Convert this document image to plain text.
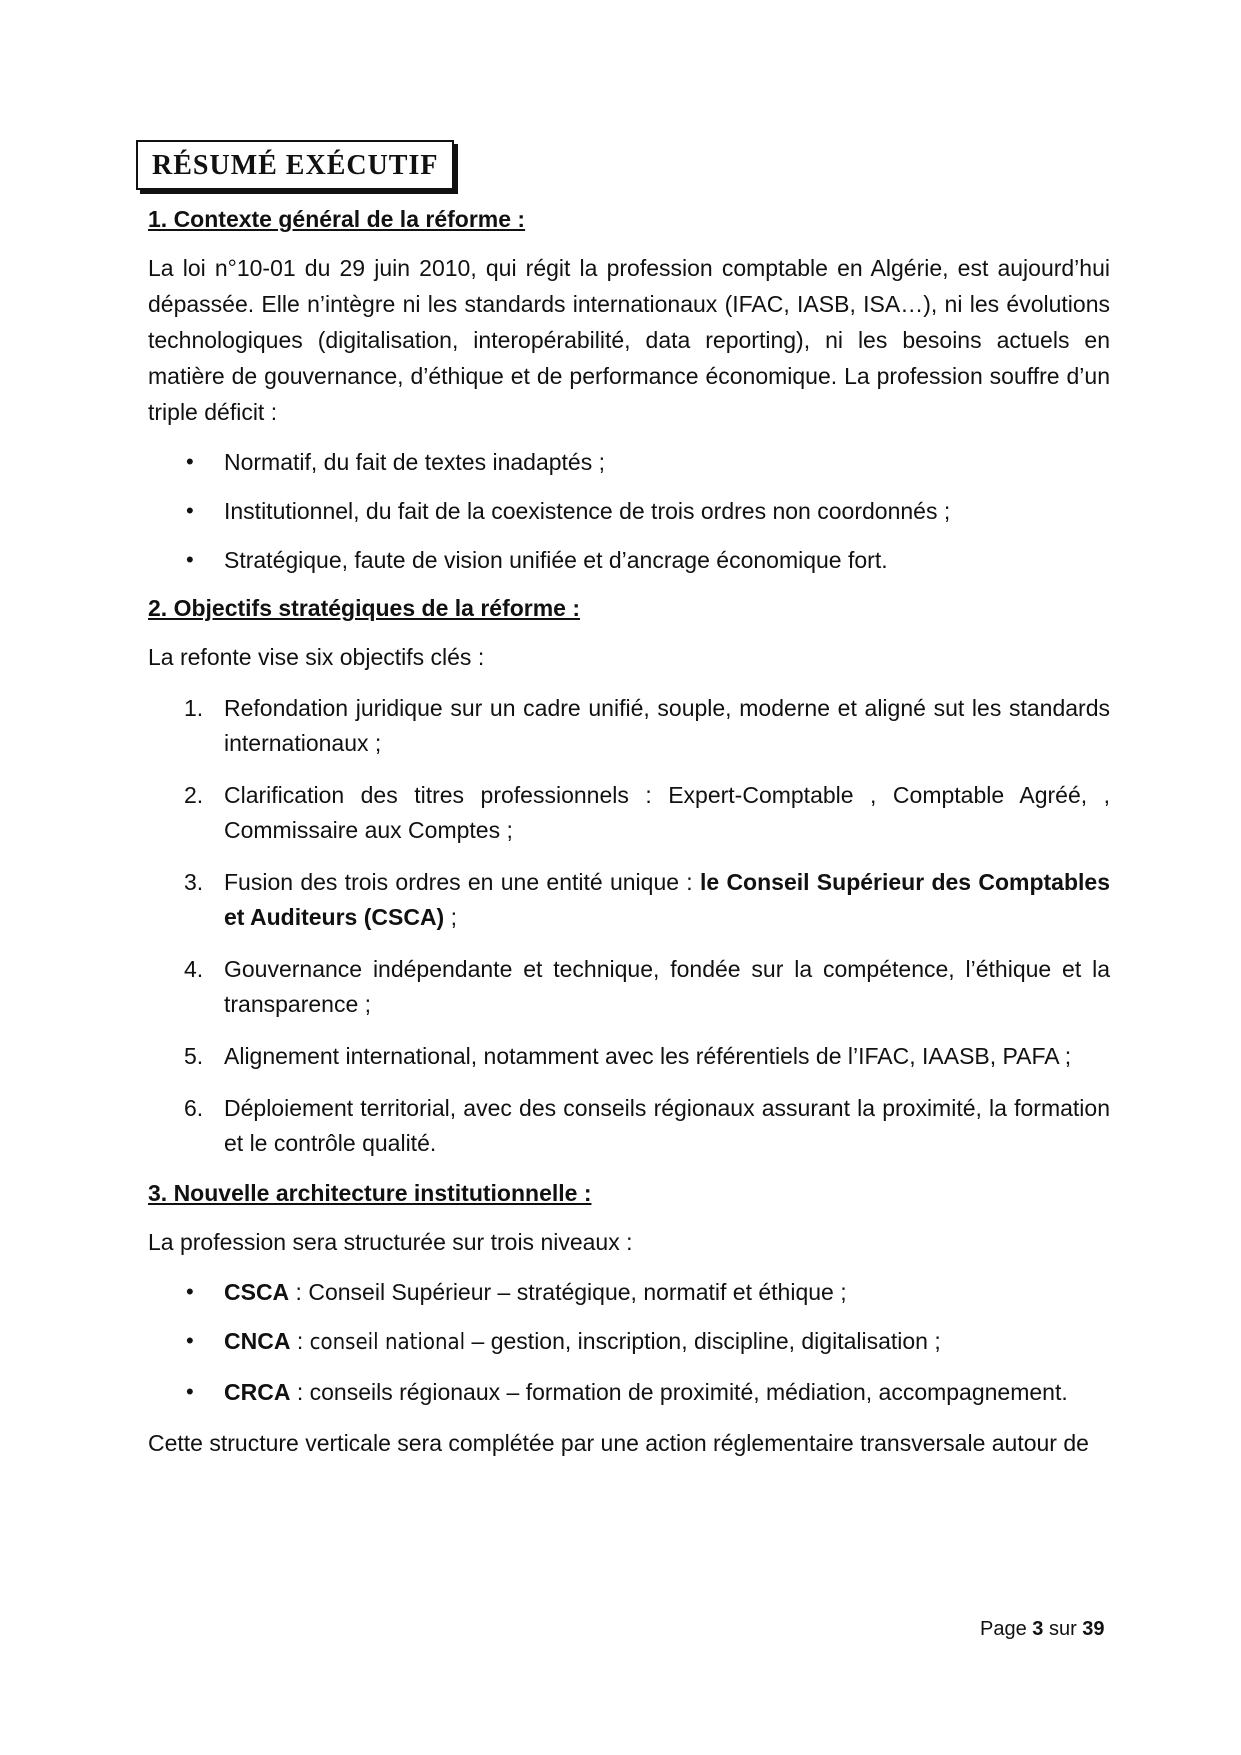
RÉSUMÉ EXÉCUTIF
1. Contexte général de la réforme :

La loi n°10-01 du 29 juin 2010, qui régit la profession comptable en Algérie, est aujourd’hui dépassée. Elle n’intègre ni les standards internationaux (IFAC, IASB, ISA…), ni les évolutions technologiques (digitalisation, interopérabilité, data reporting), ni les besoins actuels en matière de gouvernance, d’éthique et de performance économique. La profession souffre d’un triple déficit :

• Normatif, du fait de textes inadaptés ;
• Institutionnel, du fait de la coexistence de trois ordres non coordonnés ;
• Stratégique, faute de vision unifiée et d’ancrage économique fort.
2. Objectifs stratégiques de la réforme :

La refonte vise six objectifs clés :

1. Refondation juridique sur un cadre unifié, souple, moderne et aligné sut les standards internationaux ;
2. Clarification des titres professionnels : Expert-Comptable , Comptable Agréé, , Commissaire aux Comptes ;
3. Fusion des trois ordres en une entité unique : le Conseil Supérieur des Comptables et Auditeurs (CSCA) ;
4. Gouvernance indépendante et technique, fondée sur la compétence, l’éthique et la transparence ;
5. Alignement international, notamment avec les référentiels de l’IFAC, IAASB, PAFA ;
6. Déploiement territorial, avec des conseils régionaux assurant la proximité, la formation et le contrôle qualité.
3. Nouvelle architecture institutionnelle :

La profession sera structurée sur trois niveaux :

• CSCA : Conseil Supérieur – stratégique, normatif et éthique ;
• CNCA : conseil national – gestion, inscription, discipline, digitalisation ;
• CRCA : conseils régionaux – formation de proximité, médiation, accompagnement.

Cette structure verticale sera complétée par une action réglementaire transversale autour de

Page 3 sur 39
